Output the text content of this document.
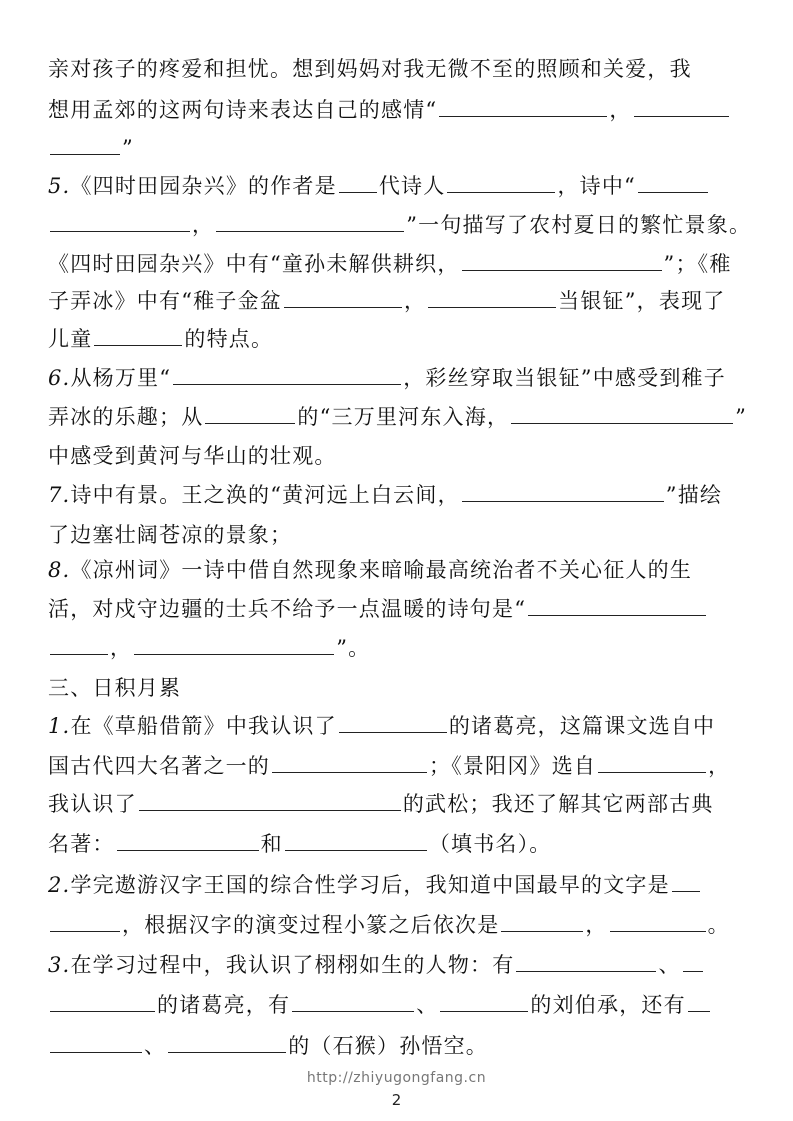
亲对孩子的疼爱和担忧。想到妈妈对我无微不至的照顾和关爱，我
想用孟郊的这两句诗来表达自己的感情“	，
”
5.《四时田园杂兴》的作者是 代诗人	，诗中“
，	”一句描写了农村夏日的繁忙景象。
《四时田园杂兴》中有“童孙未解供耕织，	”；《稚
子弄冰》中有“稚子金盆	，	当银钲”，表现了
儿童	的特点。
6.从杨万里“	，彩丝穿取当银钲”中感受到稚子
弄冰的乐趣；从	的“三万里河东入海，	”
中感受到黄河与华山的壮观。
7.诗中有景。王之涣的“黄河远上白云间，	”描绘
了边塞壮阔苍凉的景象；
8.《凉州词》一诗中借自然现象来暗喻最高统治者不关心征人的生
活，对戍守边疆的士兵不给予一点温暖的诗句是“
，	”。
三、日积月累
1.在《草船借箭》中我认识了	的诸葛亮，这篇课文选自中
国古代四大名著之一的	；《景阳冈》选自	，
我认识了	的武松；我还了解其它两部古典
名著：	和	（填书名）。
2.学完遨游汉字王国的综合性学习后，我知道中国最早的文字是
，根据汉字的演变过程小篆之后依次是	，	。
3.在学习过程中，我认识了栩栩如生的人物：有	、
的诸葛亮，有	、	的刘伯承，还有
、	的（石猴）孙悟空。
http://zhiyugongfang.cn
2
